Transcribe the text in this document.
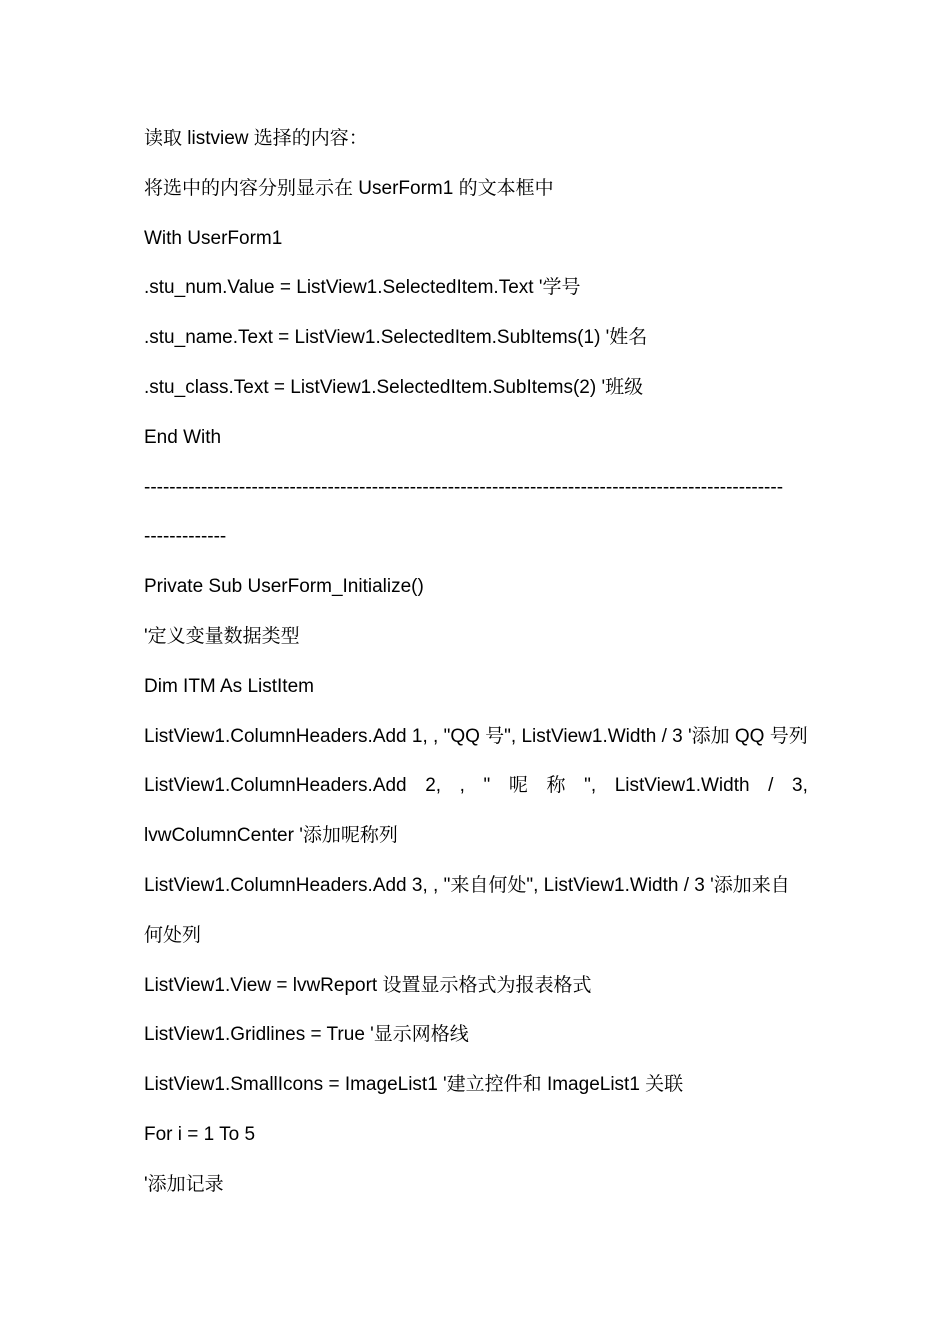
读取 listview 选择的内容：
将选中的内容分别显示在 UserForm1 的文本框中
With UserForm1
.stu_num.Value = ListView1.SelectedItem.Text '学号
.stu_name.Text = ListView1.SelectedItem.SubItems(1) '姓名
.stu_class.Text = ListView1.SelectedItem.SubItems(2) '班级
End With
-----------------------------------------------------------------------------------------------------
-------------
Private Sub UserForm_Initialize()
'定义变量数据类型
Dim ITM As ListItem
ListView1.ColumnHeaders.Add 1, , "QQ 号", ListView1.Width / 3 '添加 QQ 号列
ListView1.ColumnHeaders.Add 2, , " 呢 称 ", ListView1.Width / 3,
lvwColumnCenter '添加呢称列
ListView1.ColumnHeaders.Add 3, , "来自何处", ListView1.Width / 3 '添加来自
何处列
ListView1.View = lvwReport 设置显示格式为报表格式
ListView1.Gridlines = True '显示网格线
ListView1.SmallIcons = ImageList1 '建立控件和 ImageList1 关联
For i = 1 To 5
'添加记录
